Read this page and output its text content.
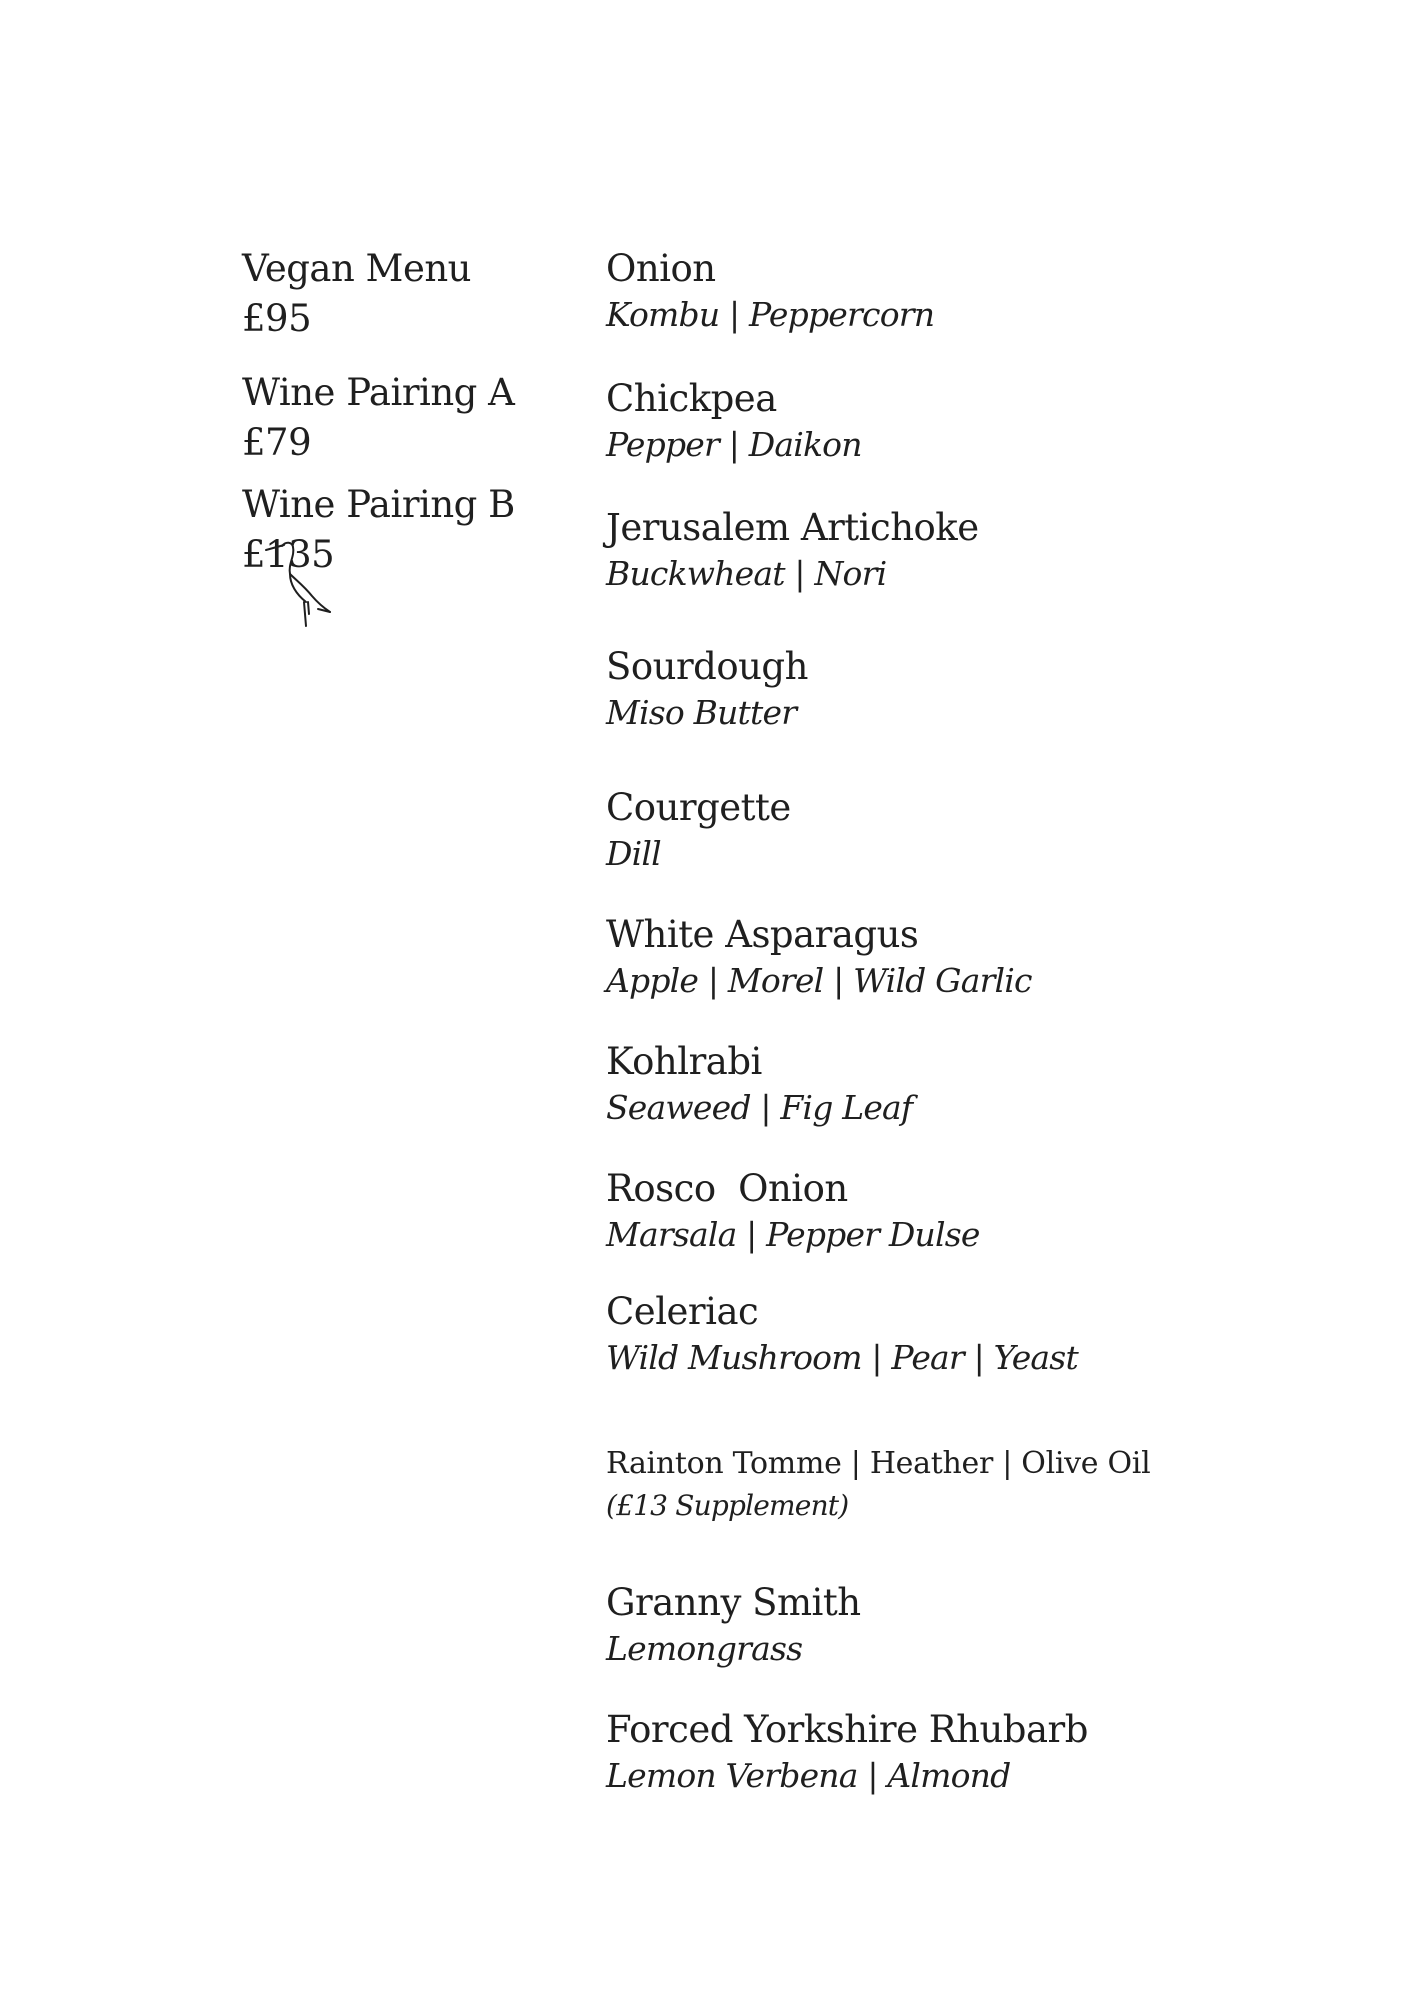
Vegan Menu

£95

Wine Pairing A £79

Wine Pairing B £135

Onion

Kombu | Peppercorn

Chickpea

Pepper | Daikon

Jerusalem Artichoke

Buckwheat | Nori

Sourdough

Miso Butter

Courgette

Dill

White Asparagus

Apple | Morel | Wild Garlic

Kohlrabi

Seaweed | Fig Leaf

Rosco  Onion

Marsala | Pepper Dulse

Celeriac

Wild Mushroom | Pear | Yeast

Rainton Tomme | Heather | Olive Oil

(£13 Supplement)

Granny Smith

Lemongrass

Forced Yorkshire Rhubarb

Lemon Verbena | Almond
